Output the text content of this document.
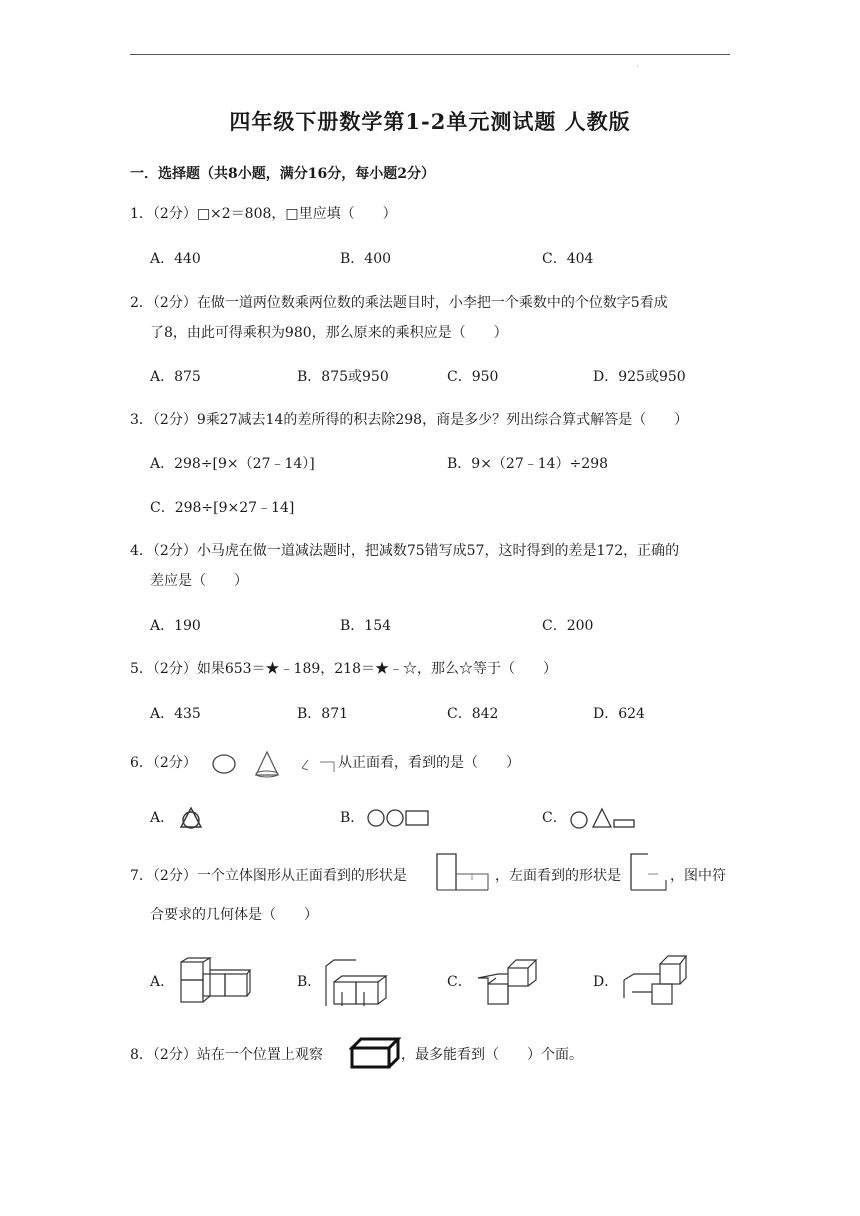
·
四年级下册数学第1-2单元测试题 人教版
一．选择题（共8小题，满分16分，每小题2分）
1．（2分）□×2＝808，□里应填（　　）
A．440	B．400	C．404
2．（2分）在做一道两位数乘两位数的乘法题目时，小李把一个乘数中的个位数字5看成
了8，由此可得乘积为980，那么原来的乘积应是（　　）
A．875	B．875或950	C．950	D．925或950
3．（2分）9乘27减去14的差所得的积去除298，商是多少？列出综合算式解答是（　　）
A．298÷[9×（27﹣14）]	B．9×（27﹣14）÷298
C．298÷[9×27﹣14]
4．（2分）小马虎在做一道减法题时，把减数75错写成57，这时得到的差是172，正确的
差应是（　　）
A．190	B．154	C．200
5．（2分）如果653＝★﹣189，218＝★﹣☆，那么☆等于（　　）
A．435	B．871	C．842	D．624
6．（2分）	从正面看，看到的是（　　）
A．	B．	C．
7．（2分）一个立体图形从正面看到的形状是	，左面看到的形状是	，图中符
合要求的几何体是（　　）
A．	B．	C．	D．
8．（2分）站在一个位置上观察	，最多能看到（　　）个面。
